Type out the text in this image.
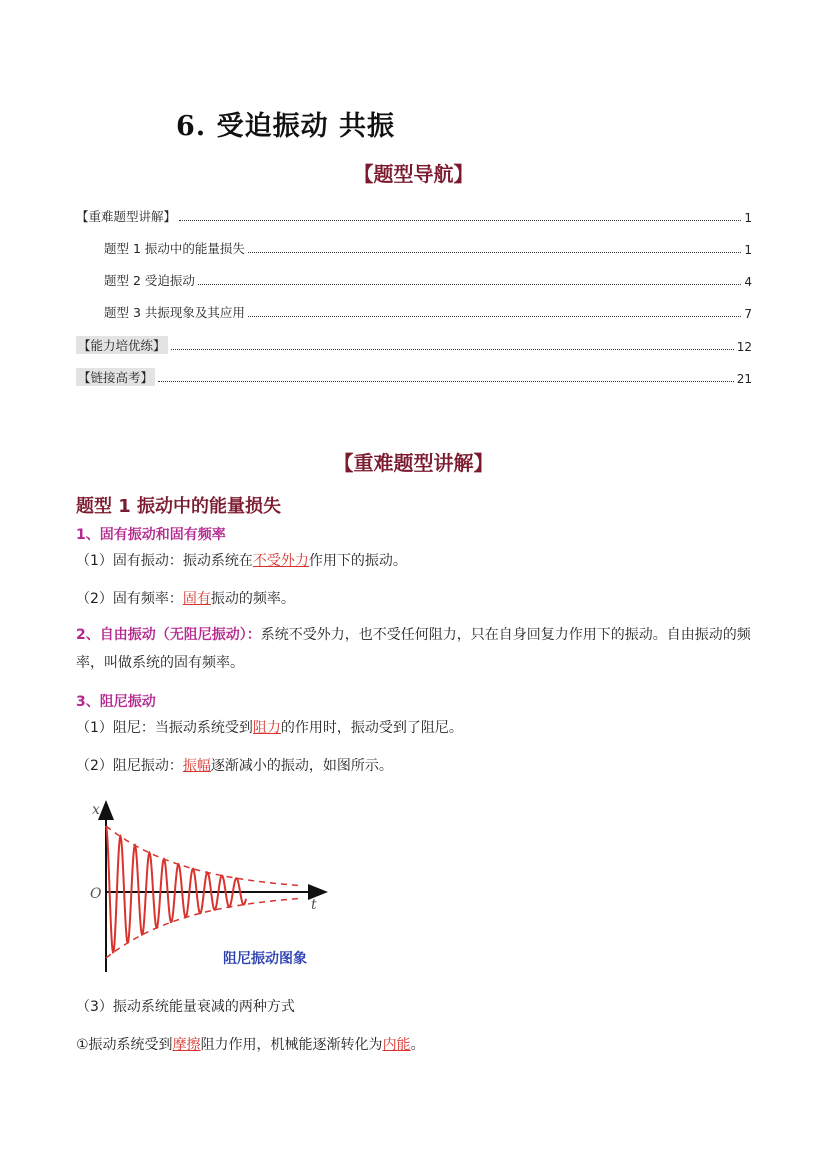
6. 受迫振动 共振
【题型导航】
【重难题型讲解】	1
题型 1 振动中的能量损失	1
题型 2 受迫振动	4
题型 3 共振现象及其应用	7
【能力培优练】	12
【链接高考】	21
【重难题型讲解】
题型 1 振动中的能量损失
1、固有振动和固有频率
（1）固有振动：振动系统在不受外力作用下的振动。
（2）固有频率：固有振动的频率。
2、自由振动（无阻尼振动）：系统不受外力，也不受任何阻力，只在自身回复力作用下的振动。自由振动的频率，叫做系统的固有频率。
3、阻尼振动
（1）阻尼：当振动系统受到阻力的作用时，振动受到了阻尼。
（2）阻尼振动：振幅逐渐减小的振动，如图所示。
x
O
t
阻尼振动图象
（3）振动系统能量衰减的两种方式
①振动系统受到摩擦阻力作用，机械能逐渐转化为内能。
